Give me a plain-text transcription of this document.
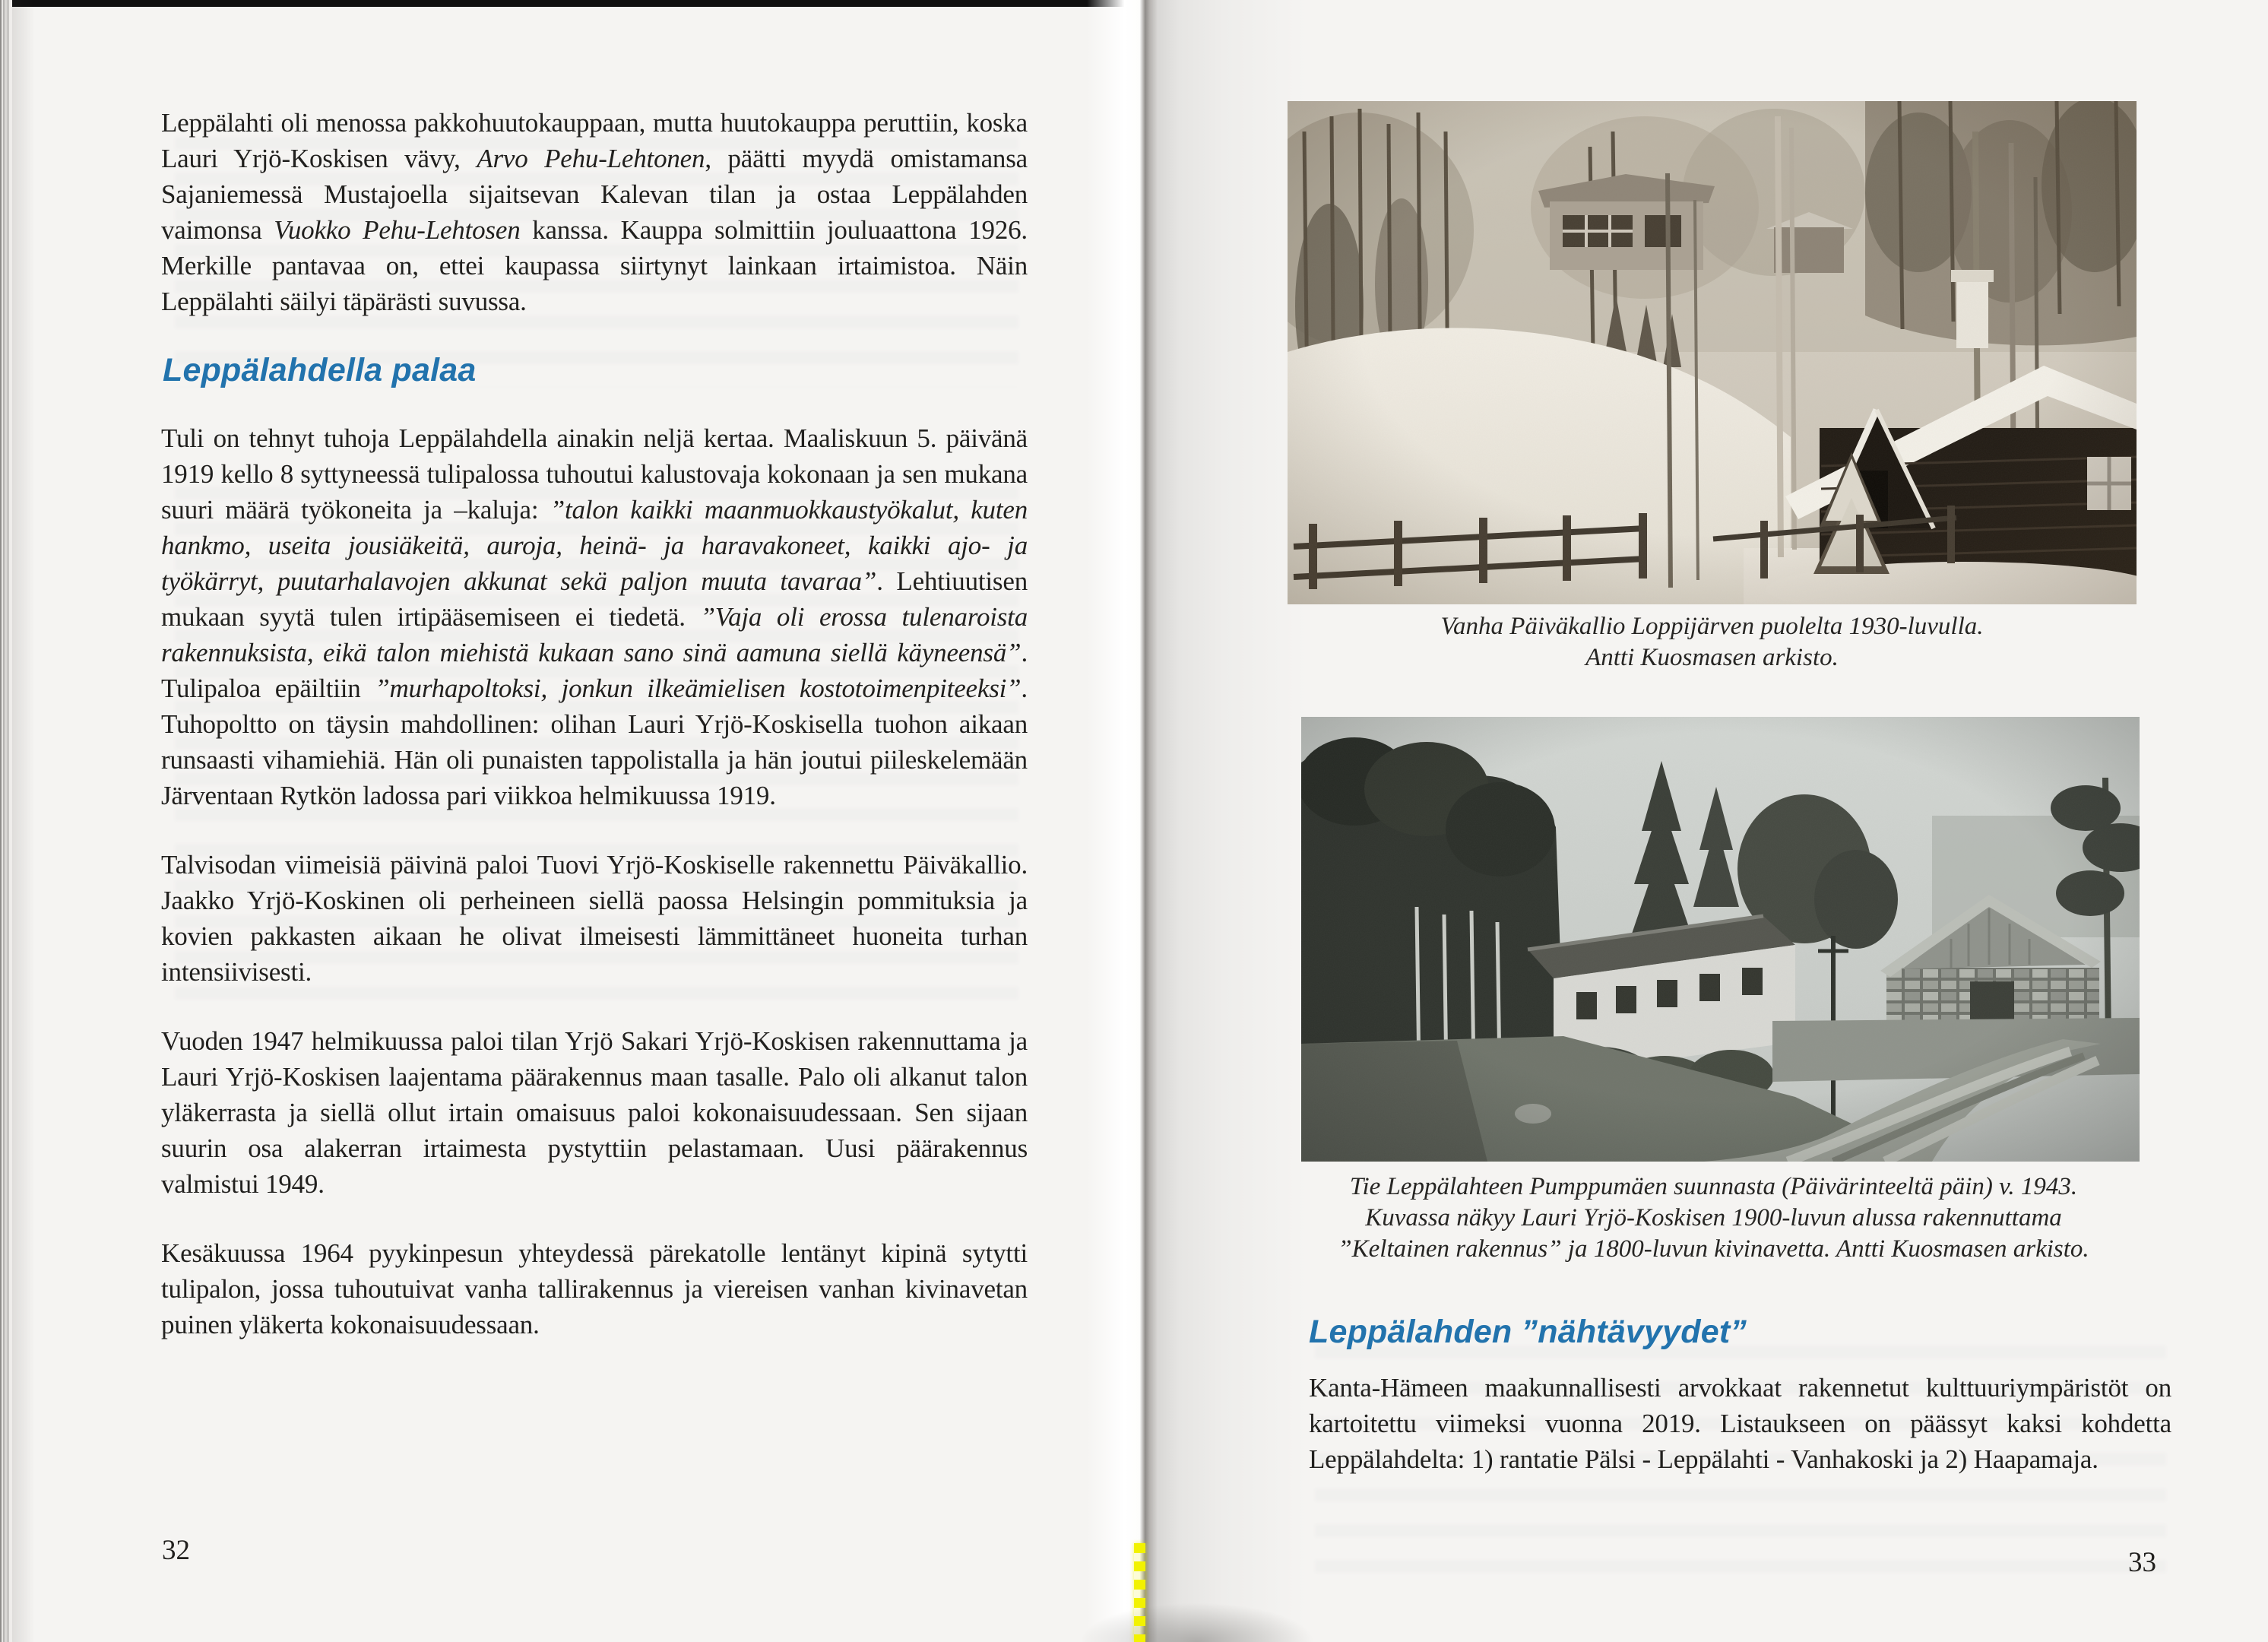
Leppälahti oli menossa pakkohuutokauppaan, mutta huutokauppa peruttiin, koska Lauri Yrjö-Koskisen vävy, Arvo Pehu-Lehtonen, päätti myydä omistamansa Sajaniemessä Mustajoella sijaitsevan Kalevan tilan ja ostaa Leppälahden vaimonsa Vuokko Pehu-Lehtosen kanssa. Kauppa solmittiin jouluaattona 1926. Merkille pantavaa on, ettei kaupassa siirtynyt lainkaan irtaimistoa. Näin Leppälahti säilyi täpärästi suvussa.

Leppälahdella palaa

Tuli on tehnyt tuhoja Leppälahdella ainakin neljä kertaa. Maaliskuun 5. päivänä 1919 kello 8 syttyneessä tulipalossa tuhoutui kalustovaja kokonaan ja sen mukana suuri määrä työkoneita ja –kaluja: ”talon kaikki maanmuokkaustyökalut, kuten hankmo, useita jousiäkeitä, auroja, heinä- ja haravakoneet, kaikki ajo- ja työkärryt, puutarhalavojen akkunat sekä paljon muuta tavaraa”. Lehtiuutisen mukaan syytä tulen irtipääsemiseen ei tiedetä. ”Vaja oli erossa tulenaroista rakennuksista, eikä talon miehistä kukaan sano sinä aamuna siellä käyneensä”. Tulipaloa epäiltiin ”murhapoltoksi, jonkun ilkeämielisen kostotoimenpiteeksi”. Tuhopoltto on täysin mahdollinen: olihan Lauri Yrjö-Koskisella tuohon aikaan runsaasti vihamiehiä. Hän oli punaisten tappolistalla ja hän joutui piileskelemään Järventaan Rytkön ladossa pari viikkoa helmikuussa 1919.

Talvisodan viimeisiä päivinä paloi Tuovi Yrjö-Koskiselle rakennettu Päiväkallio. Jaakko Yrjö-Koskinen oli perheineen siellä paossa Helsingin pommituksia ja kovien pakkasten aikaan he olivat ilmeisesti lämmittäneet huoneita turhan intensiivisesti.

Vuoden 1947 helmikuussa paloi tilan Yrjö Sakari Yrjö-Koskisen rakennuttama ja Lauri Yrjö-Koskisen laajentama päärakennus maan tasalle. Palo oli alkanut talon yläkerrasta ja siellä ollut irtain omaisuus paloi kokonaisuudessaan. Sen sijaan suurin osa alakerran irtaimesta pystyttiin pelastamaan. Uusi päärakennus valmistui 1949.

Kesäkuussa 1964 pyykinpesun yhteydessä pärekatolle lentänyt kipinä sytytti tulipalon, jossa tuhoutuivat vanha tallirakennus ja viereisen vanhan kivinavetan puinen yläkerta kokonaisuudessaan.

32
Vanha Päiväkallio Loppijärven puolelta 1930-luvulla.
Antti Kuosmasen arkisto.
Tie Leppälahteen Pumppumäen suunnasta (Päivärinteeltä päin) v. 1943.
Kuvassa näkyy Lauri Yrjö-Koskisen 1900-luvun alussa rakennuttama
”Keltainen rakennus” ja 1800-luvun kivinavetta. Antti Kuosmasen arkisto.
Leppälahden ”nähtävyydet”

Kanta-Hämeen maakunnallisesti arvokkaat rakennetut kulttuuriympäristöt on kartoitettu viimeksi vuonna 2019. Listaukseen on päässyt kaksi kohdetta Leppälahdelta: 1) rantatie Pälsi - Leppälahti - Vanhakoski ja 2) Haapamaja.

33
